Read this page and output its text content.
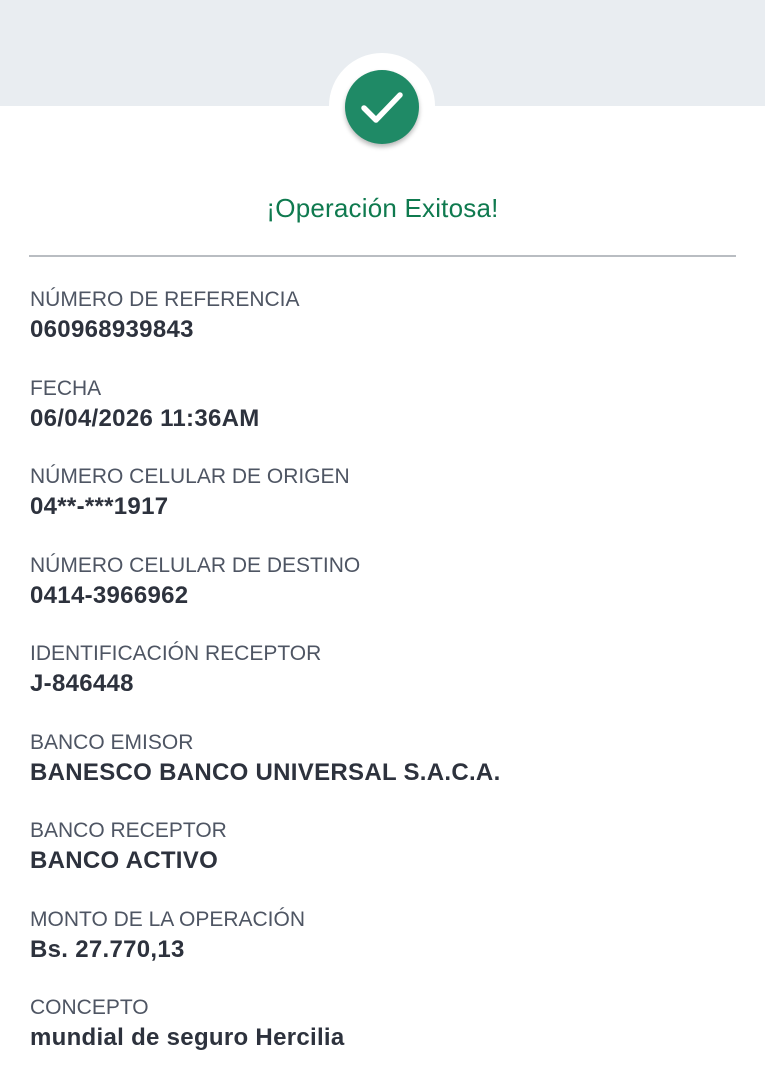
¡Operación Exitosa!
NÚMERO DE REFERENCIA
060968939843
FECHA
06/04/2026 11:36AM
NÚMERO CELULAR DE ORIGEN
04**-***1917
NÚMERO CELULAR DE DESTINO
0414-3966962
IDENTIFICACIÓN RECEPTOR
J-846448
BANCO EMISOR
BANESCO BANCO UNIVERSAL S.A.C.A.
BANCO RECEPTOR
BANCO ACTIVO
MONTO DE LA OPERACIÓN
Bs. 27.770,13
CONCEPTO
mundial de seguro Hercilia
